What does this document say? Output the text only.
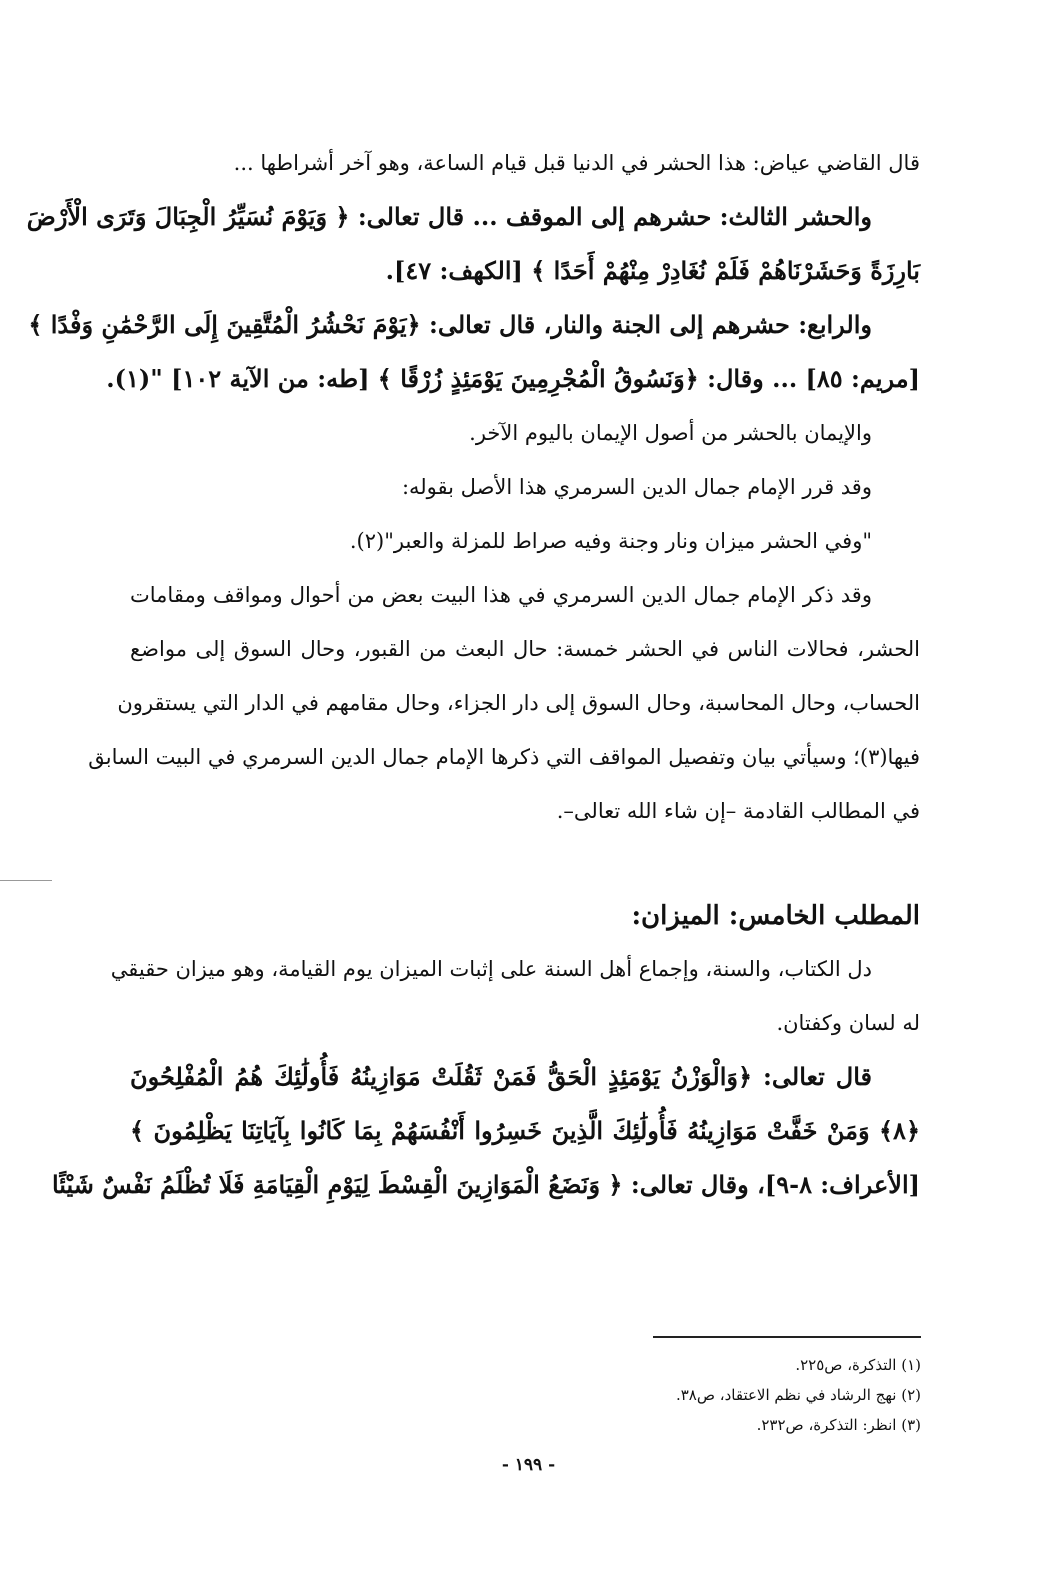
قال القاضي عياض: هذا الحشر في الدنيا قبل قيام الساعة، وهو آخر أشراطها ...
والحشر الثالث: حشرهم إلى الموقف ... قال تعالى: ﴿ وَيَوْمَ نُسَيِّرُ الْجِبَالَ وَتَرَى الْأَرْضَ
بَارِزَةً وَحَشَرْنَاهُمْ فَلَمْ نُغَادِرْ مِنْهُمْ أَحَدًا ﴾ [الكهف: ٤٧].
والرابع: حشرهم إلى الجنة والنار، قال تعالى: ﴿يَوْمَ نَحْشُرُ الْمُتَّقِينَ إِلَى الرَّحْمَٰنِ وَفْدًا ﴾
[مريم: ٨٥] ... وقال: ﴿وَنَسُوقُ الْمُجْرِمِينَ يَوْمَئِذٍ زُرْقًا ﴾ [طه: من الآية ١٠٢] "(١).
والإيمان بالحشر من أصول الإيمان باليوم الآخر.
وقد قرر الإمام جمال الدين السرمري هذا الأصل بقوله:
"وفي الحشر ميزان ونار وجنة وفيه صراط للمزلة والعبر"(٢).
وقد ذكر الإمام جمال الدين السرمري في هذا البيت بعض من أحوال ومواقف ومقامات
الحشر، فحالات الناس في الحشر خمسة: حال البعث من القبور، وحال السوق إلى مواضع
الحساب، وحال المحاسبة، وحال السوق إلى دار الجزاء، وحال مقامهم في الدار التي يستقرون
فيها(٣)؛ وسيأتي بيان وتفصيل المواقف التي ذكرها الإمام جمال الدين السرمري في البيت السابق
في المطالب القادمة –إن شاء الله تعالى–.
المطلب الخامس: الميزان:
دل الكتاب، والسنة، وإجماع أهل السنة على إثبات الميزان يوم القيامة، وهو ميزان حقيقي
له لسان وكفتان.
قال تعالى: ﴿وَالْوَزْنُ يَوْمَئِذٍ الْحَقُّ فَمَنْ ثَقُلَتْ مَوَازِينُهُ فَأُولَٰئِكَ هُمُ الْمُفْلِحُونَ
﴿٨﴾ وَمَنْ خَفَّتْ مَوَازِينُهُ فَأُولَٰئِكَ الَّذِينَ خَسِرُوا أَنْفُسَهُمْ بِمَا كَانُوا بِآيَاتِنَا يَظْلِمُونَ ﴾
[الأعراف: ٨-٩]، وقال تعالى: ﴿ وَنَضَعُ الْمَوَازِينَ الْقِسْطَ لِيَوْمِ الْقِيَامَةِ فَلَا تُظْلَمُ نَفْسٌ شَيْئًا
(١) التذكرة، ص٢٢٥.
(٢) نهج الرشاد في نظم الاعتقاد، ص٣٨.
(٣) انظر: التذكرة، ص٢٣٢.
- ١٩٩ -
